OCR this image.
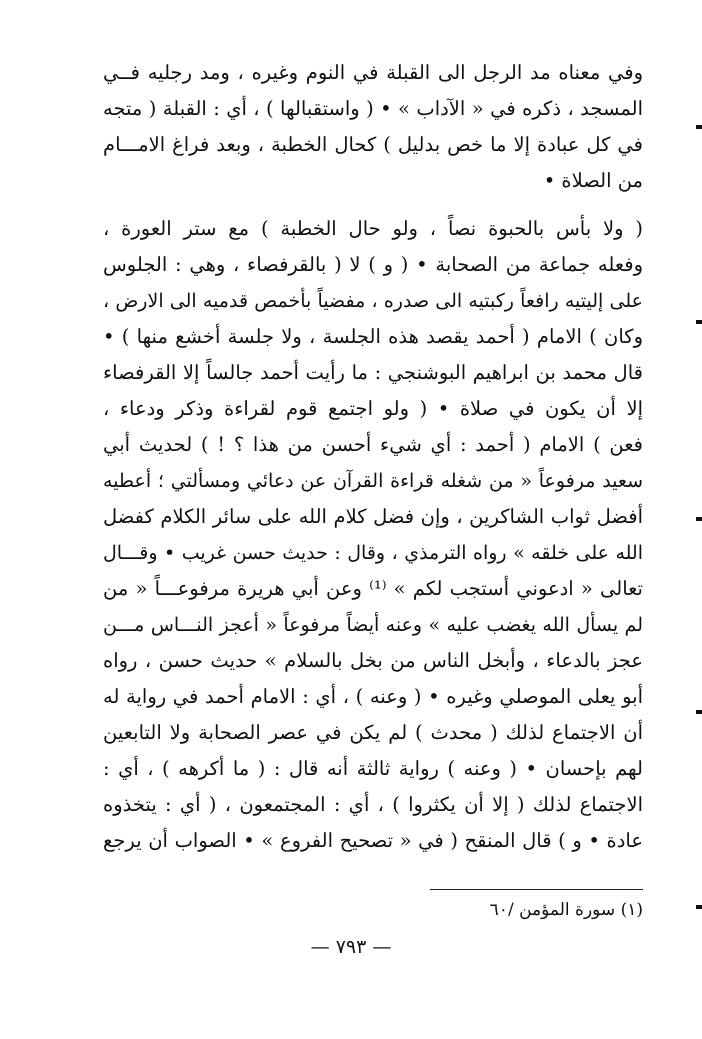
وفي معناه مد الرجل الى القبلة في النوم وغيره ، ومد رجليه فــي
المسجد ، ذكره في « الآداب » • ( واستقبالها ) ، أي : القبلة ( متجه
في كل عبادة إلا ما خص بدليل ) كحال الخطبة ، وبعد فراغ الامـــام
من الصلاة •
( ولا بأس بالحبوة نصاً ، ولو حال الخطبة ) مع ستر العورة ،
وفعله جماعة من الصحابة • ( و ) لا ( بالقرفصاء ، وهي : الجلوس
على إليتيه رافعاً ركبتيه الى صدره ، مفضياً بأخمص قدميه الى الارض ،
وكان ) الامام ( أحمد يقصد هذه الجلسة ، ولا جلسة أخشع منها ) •
قال محمد بن ابراهيم البوشنجي : ما رأيت أحمد جالساً إلا القرفصاء
إلا أن يكون في صلاة • ( ولو اجتمع قوم لقراءة وذكر ودعاء ،
فعن ) الامام ( أحمد : أي شيء أحسن من هذا ؟ ! ) لحديث أبي
سعيد مرفوعاً « من شغله قراءة القرآن عن دعائي ومسألتي ؛ أعطيه
أفضل ثواب الشاكرين ، وإن فضل كلام الله على سائر الكلام كفضل
الله على خلقه » رواه الترمذي ، وقال : حديث حسن غريب • وقـــال
تعالى « ادعوني أستجب لكم » ⁽¹⁾ وعن أبي هريرة مرفوعـــاً « من
لم يسأل الله يغضب عليه » وعنه أيضاً مرفوعاً « أعجز النـــاس مـــن
عجز بالدعاء ، وأبخل الناس من بخل بالسلام » حديث حسن ، رواه
أبو يعلى الموصلي وغيره • ( وعنه ) ، أي : الامام أحمد في رواية له
أن الاجتماع لذلك ( محدث ) لم يكن في عصر الصحابة ولا التابعين
لهم بإحسان • ( وعنه ) رواية ثالثة أنه قال : ( ما أكرهه ) ، أي :
الاجتماع لذلك ( إلا أن يكثروا ) ، أي : المجتمعون ، ( أي : يتخذوه
عادة • و ) قال المنقح ( في « تصحيح الفروع » • الصواب أن يرجع
(١) سورة المؤمن /٦٠
— ٧٩٣ —
